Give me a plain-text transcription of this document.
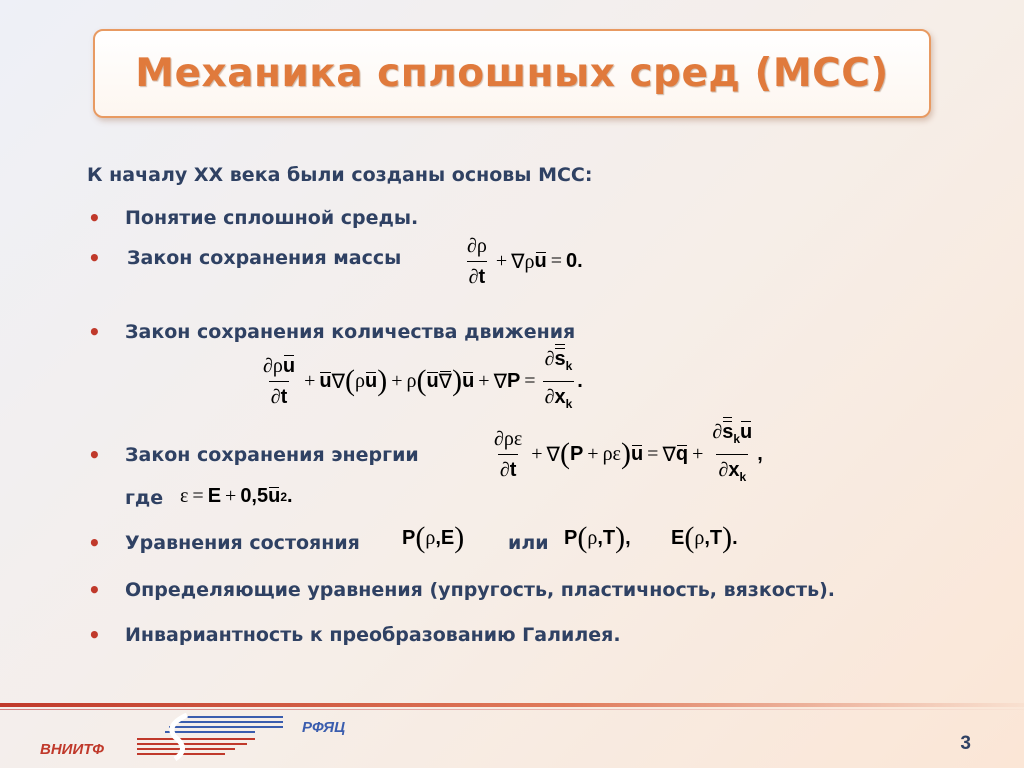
Механика сплошных сред (МСС)
К началу ХХ века были созданы основы МСС:
• Понятие сплошной среды.
• Закон сохранения массы	$\frac{\partial\rho}{\partial t} + \nabla\rho$ u = 0.
• Закон сохранения количества движения
$\frac{\partial\rho u}{\partial t} + u$ ∇ ( ρ u ) + ρ ( u ∇ ) u + ∇ $P = \frac{\partial s_k}{\partial x_k}$ .
• Закон сохранения энергии	$\frac{\partial\rho\varepsilon}{\partial t}$ + ∇ ( P + ρε ) u = ∇ $q + \frac{\partial s_ku}{\partial x_k}$ ,
где ε = E + 0,5 u 2 .
• Уравнения состояния P ( ρ ,E ) или P ( ρ ,T ) , E ( ρ ,T ) .
• Определяющие уравнения (упругость, пластичность, вязкость).
• Инвариантность к преобразованию Галилея.
ВНИИТФ
РФЯЦ
3
